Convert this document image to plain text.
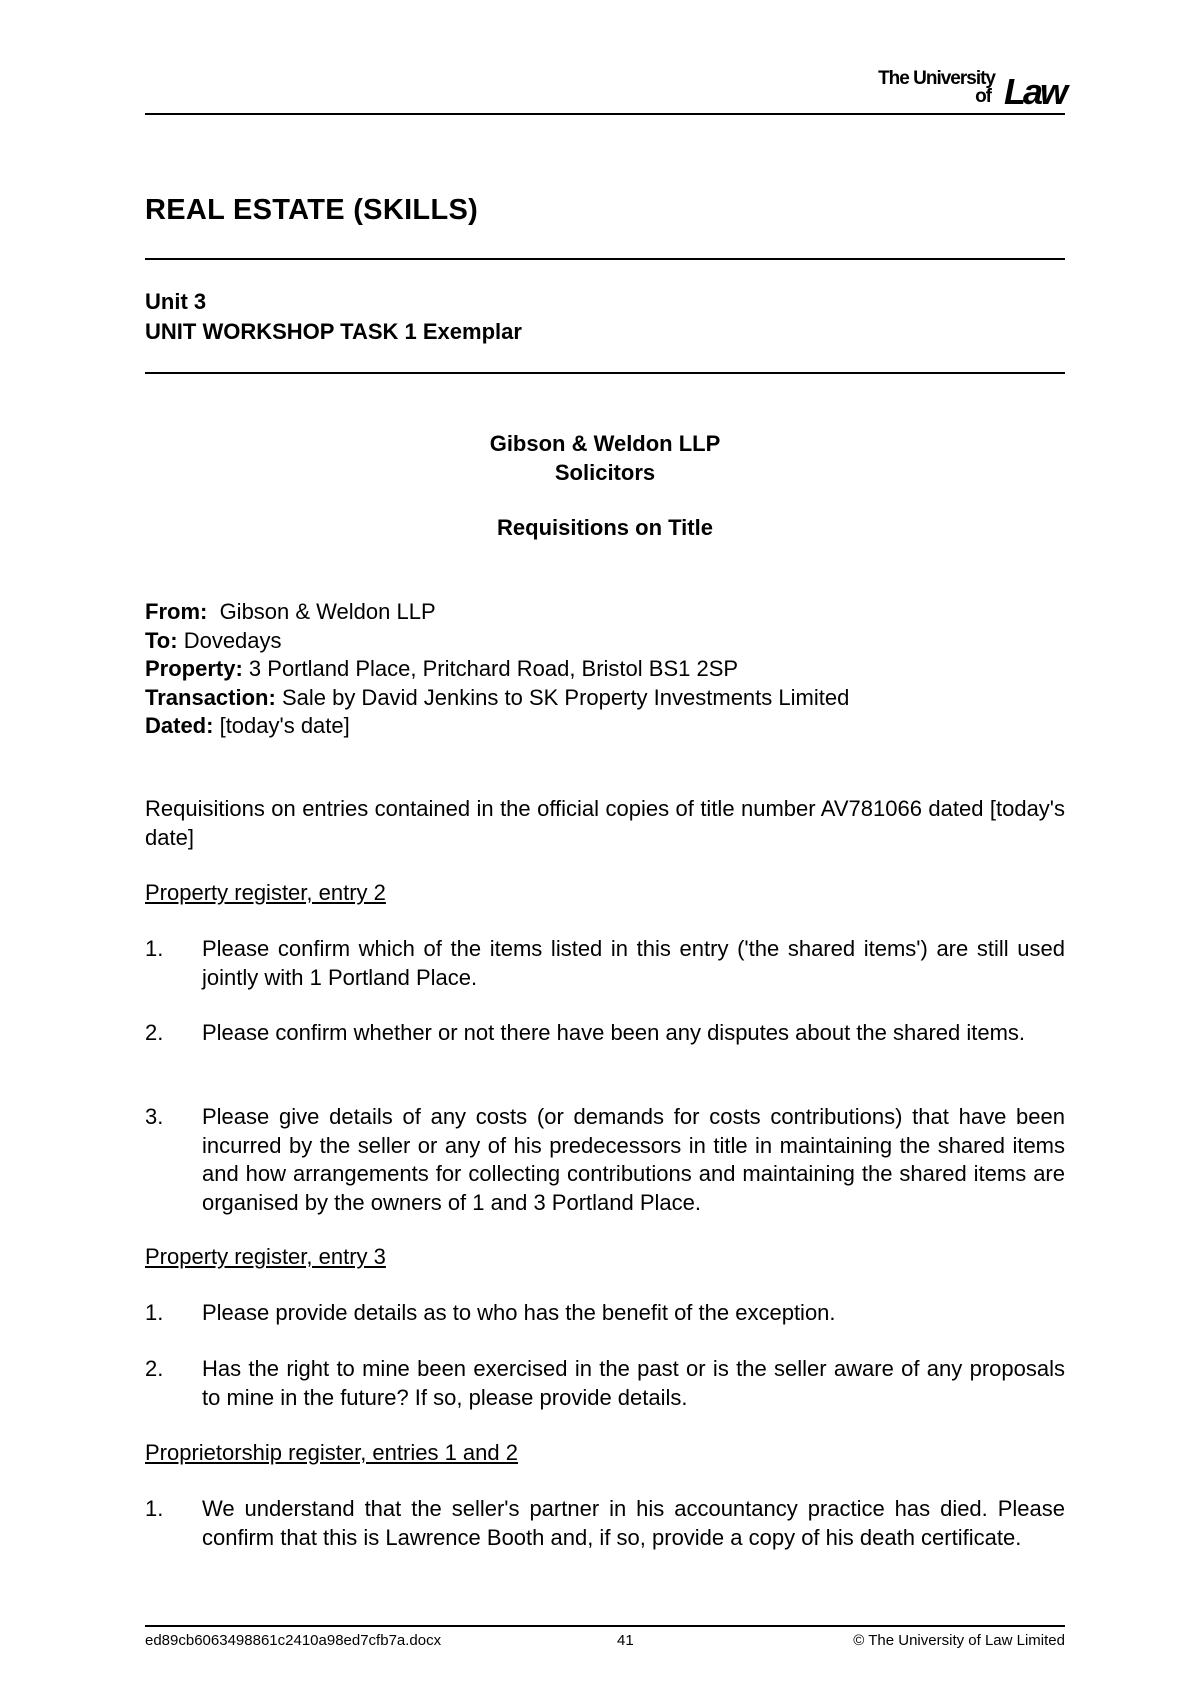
The University
of Law
REAL ESTATE (SKILLS)
Unit 3
UNIT WORKSHOP TASK 1 Exemplar
Gibson & Weldon LLP
Solicitors
Requisitions on Title
From: Gibson & Weldon LLP
To: Dovedays
Property: 3 Portland Place, Pritchard Road, Bristol BS1 2SP
Transaction: Sale by David Jenkins to SK Property Investments Limited
Dated: [today's date]
Requisitions on entries contained in the official copies of title number AV781066 dated [today's date]
Property register, entry 2
1. Please confirm which of the items listed in this entry ('the shared items') are still used jointly with 1 Portland Place.
2. Please confirm whether or not there have been any disputes about the shared items.
3. Please give details of any costs (or demands for costs contributions) that have been incurred by the seller or any of his predecessors in title in maintaining the shared items and how arrangements for collecting contributions and maintaining the shared items are organised by the owners of 1 and 3 Portland Place.
Property register, entry 3
1. Please provide details as to who has the benefit of the exception.
2. Has the right to mine been exercised in the past or is the seller aware of any proposals to mine in the future? If so, please provide details.
Proprietorship register, entries 1 and 2
1. We understand that the seller's partner in his accountancy practice has died. Please confirm that this is Lawrence Booth and, if so, provide a copy of his death certificate.
ed89cb6063498861c2410a98ed7cfb7a.docx	41	© The University of Law Limited
